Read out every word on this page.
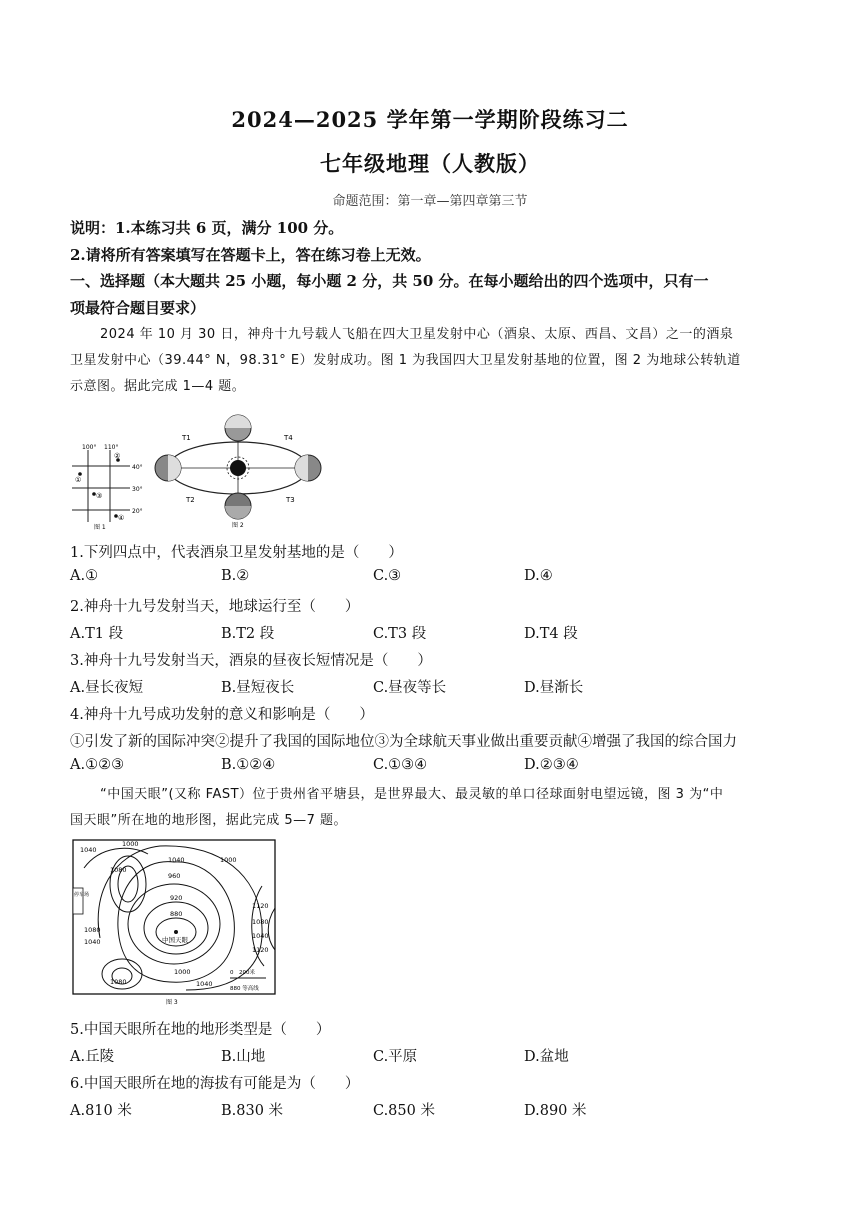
2024—2025 学年第一学期阶段练习二
七年级地理（人教版）
命题范围：第一章—第四章第三节
说明：1.本练习共 6 页，满分 100 分。
2.请将所有答案填写在答题卡上，答在练习卷上无效。
一、选择题（本大题共 25 小题，每小题 2 分，共 50 分。在每小题给出的四个选项中，只有一
项最符合题目要求）
2024 年 10 月 30 日，神舟十九号载人飞船在四大卫星发射中心（酒泉、太原、西昌、文昌）之一的酒泉
卫星发射中心（39.44° N，98.31° E）发射成功。图 1 为我国四大卫星发射基地的位置，图 2 为地球公转轨道
示意图。据此完成 1—4 题。
100° 110°
40°
30°
20°
①
②
③
④
图 1
T1
T2	T3
T4
图 2
1.下列四点中，代表酒泉卫星发射基地的是（　　）
A.①	B.②	C.③	D.④
2.神舟十九号发射当天，地球运行至（　　）
A.T1 段	B.T2 段	C.T3 段	D.T4 段
3.神舟十九号发射当天，酒泉的昼夜长短情况是（　　）
A.昼长夜短	B.昼短夜长	C.昼夜等长	D.昼渐长
4.神舟十九号成功发射的意义和影响是（　　）
①引发了新的国际冲突②提升了我国的国际地位③为全球航天事业做出重要贡献④增强了我国的综合国力
A.①②③	B.①②④	C.①③④	D.②③④
“中国天眼”(又称 FAST）位于贵州省平塘县，是世界最大、最灵敏的单口径球面射电望远镜，图 3 为“中
国天眼”所在地的地形图，据此完成 5—7 题。
1040
1080
1040	1000
960
920
880
1080
1040
1000
1120
1080
1040
1120
1000
1040
1080
中国天眼
停车场
0　200米
880 等高线
图 3
5.中国天眼所在地的地形类型是（　　）
A.丘陵	B.山地	C.平原	D.盆地
6.中国天眼所在地的海拔有可能是为（　　）
A.810 米	B.830 米	C.850 米	D.890 米
